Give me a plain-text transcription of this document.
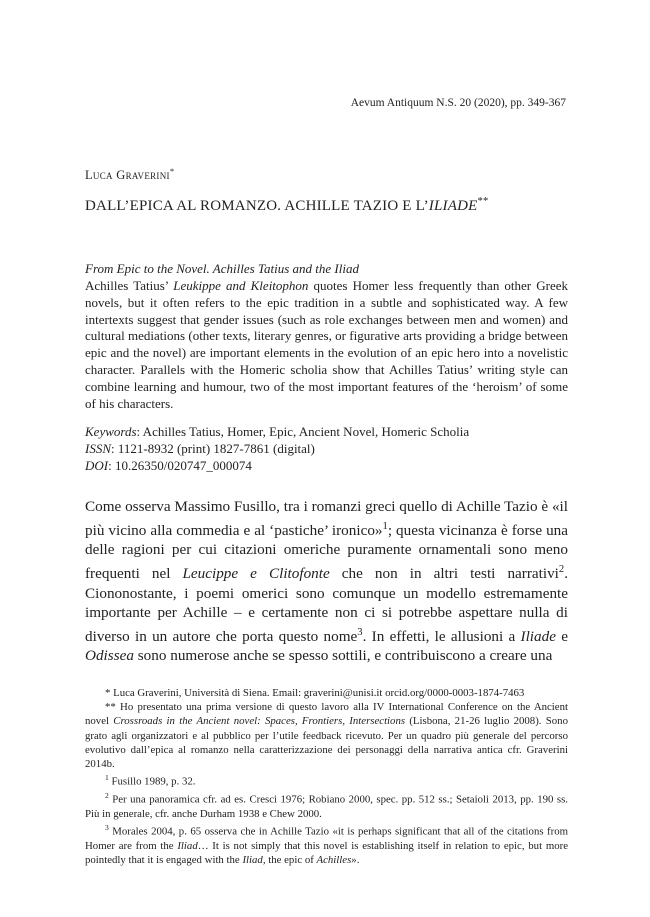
Aevum Antiquum N.S. 20 (2020), pp. 349-367
Luca Graverini*
DALL’EPICA AL ROMANZO. ACHILLE TAZIO E L’ILIADE**
From Epic to the Novel. Achilles Tatius and the Iliad
Achilles Tatius’ Leukippe and Kleitophon quotes Homer less frequently than other Greek novels, but it often refers to the epic tradition in a subtle and sophisticated way. A few intertexts suggest that gender issues (such as role exchanges between men and women) and cultural mediations (other texts, literary genres, or figurative arts providing a bridge between epic and the novel) are important elements in the evolution of an epic hero into a novelistic character. Parallels with the Homeric scholia show that Achilles Tatius’ writing style can combine learning and humour, two of the most important features of the ‘heroism’ of some of his characters.
Keywords: Achilles Tatius, Homer, Epic, Ancient Novel, Homeric Scholia
ISSN: 1121-8932 (print) 1827-7861 (digital)
DOI: 10.26350/020747_000074
Come osserva Massimo Fusillo, tra i romanzi greci quello di Achille Tazio è «il più vicino alla commedia e al ‘pastiche’ ironico»$^1$; questa vicinanza è forse una delle ragioni per cui citazioni omeriche puramente ornamentali sono meno frequenti nel Leucippe e Clitofonte che non in altri testi narrativi$^2$. Ciononostante, i poemi omerici sono comunque un modello estremamente importante per Achille – e certamente non ci si potrebbe aspettare nulla di diverso in un autore che porta questo nome$^3$. In effetti, le allusioni a Iliade e Odissea sono numerose anche se spesso sottili, e contribuiscono a creare una
* Luca Graverini, Università di Siena. Email: graverini@unisi.it orcid.org/0000-0003-1874-7463
** Ho presentato una prima versione di questo lavoro alla IV International Conference on the Ancient novel Crossroads in the Ancient novel: Spaces, Frontiers, Intersections (Lisbona, 21-26 luglio 2008). Sono grato agli organizzatori e al pubblico per l’utile feedback ricevuto. Per un quadro più generale del percorso evolutivo dall’epica al romanzo nella caratterizzazione dei personaggi della narrativa antica cfr. Graverini 2014b.
$^1$ Fusillo 1989, p. 32.
$^2$ Per una panoramica cfr. ad es. Cresci 1976; Robiano 2000, spec. pp. 512 ss.; Setaioli 2013, pp. 190 ss. Più in generale, cfr. anche Durham 1938 e Chew 2000.
$^3$ Morales 2004, p. 65 osserva che in Achille Tazio «it is perhaps significant that all of the citations from Homer are from the Iliad… It is not simply that this novel is establishing itself in relation to epic, but more pointedly that it is engaged with the Iliad, the epic of Achilles».
